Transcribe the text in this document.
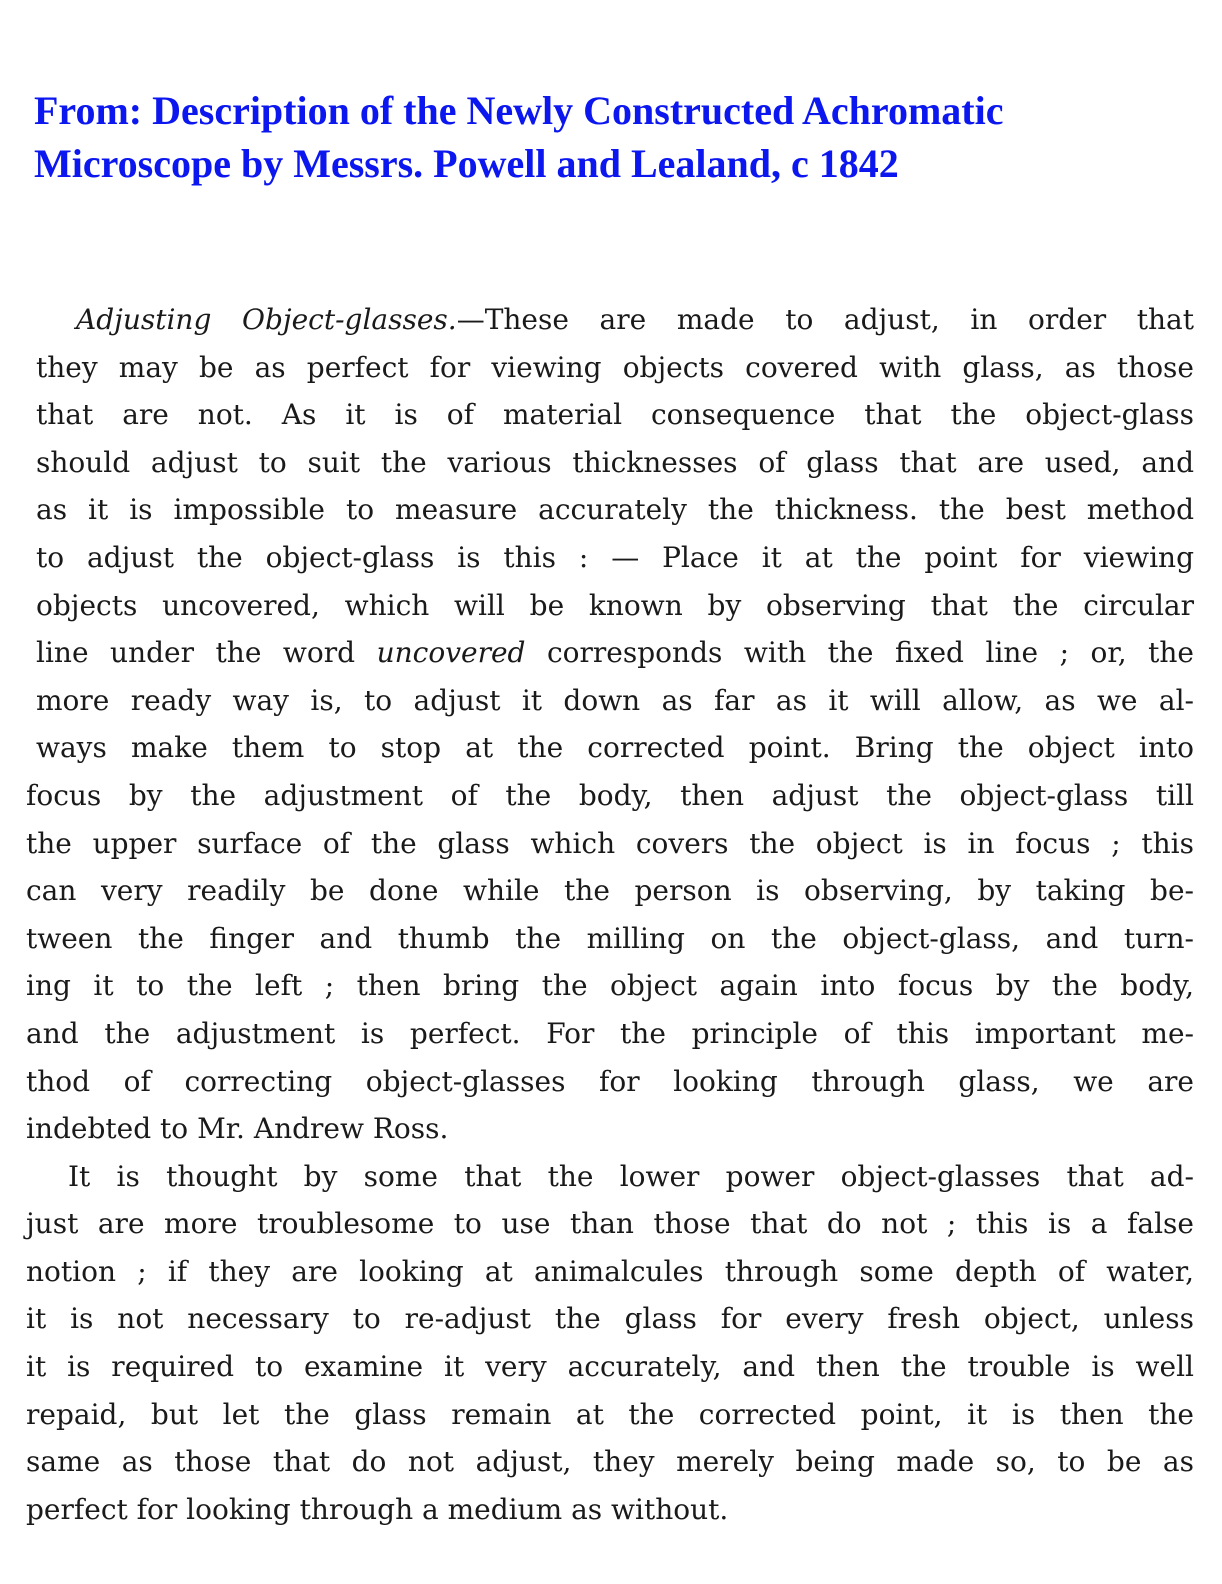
From: Description of the Newly Constructed Achromatic
Microscope by Messrs. Powell and Lealand, c 1842
Adjusting Object-glasses.—These are made to adjust, in order that
they may be as perfect for viewing objects covered with glass, as those
that are not. As it is of material consequence that the object-glass
should adjust to suit the various thicknesses of glass that are used, and
as it is impossible to measure accurately the thickness. the best method
to adjust the object-glass is this : — Place it at the point for viewing
objects uncovered, which will be known by observing that the circular
line under the word uncovered corresponds with the fixed line ; or, the
more ready way is, to adjust it down as far as it will allow, as we al-
ways make them to stop at the corrected point. Bring the object into
focus by the adjustment of the body, then adjust the object-glass till
the upper surface of the glass which covers the object is in focus ; this
can very readily be done while the person is observing, by taking be-
tween the finger and thumb the milling on the object-glass, and turn-
ing it to the left ; then bring the object again into focus by the body,
and the adjustment is perfect. For the principle of this important me-
thod of correcting object-glasses for looking through glass, we are
indebted to Mr. Andrew Ross.
It is thought by some that the lower power object-glasses that ad-
just are more troublesome to use than those that do not ; this is a false
notion ; if they are looking at animalcules through some depth of water,
it is not necessary to re-adjust the glass for every fresh object, unless
it is required to examine it very accurately, and then the trouble is well
repaid, but let the glass remain at the corrected point, it is then the
same as those that do not adjust, they merely being made so, to be as
perfect for looking through a medium as without.
